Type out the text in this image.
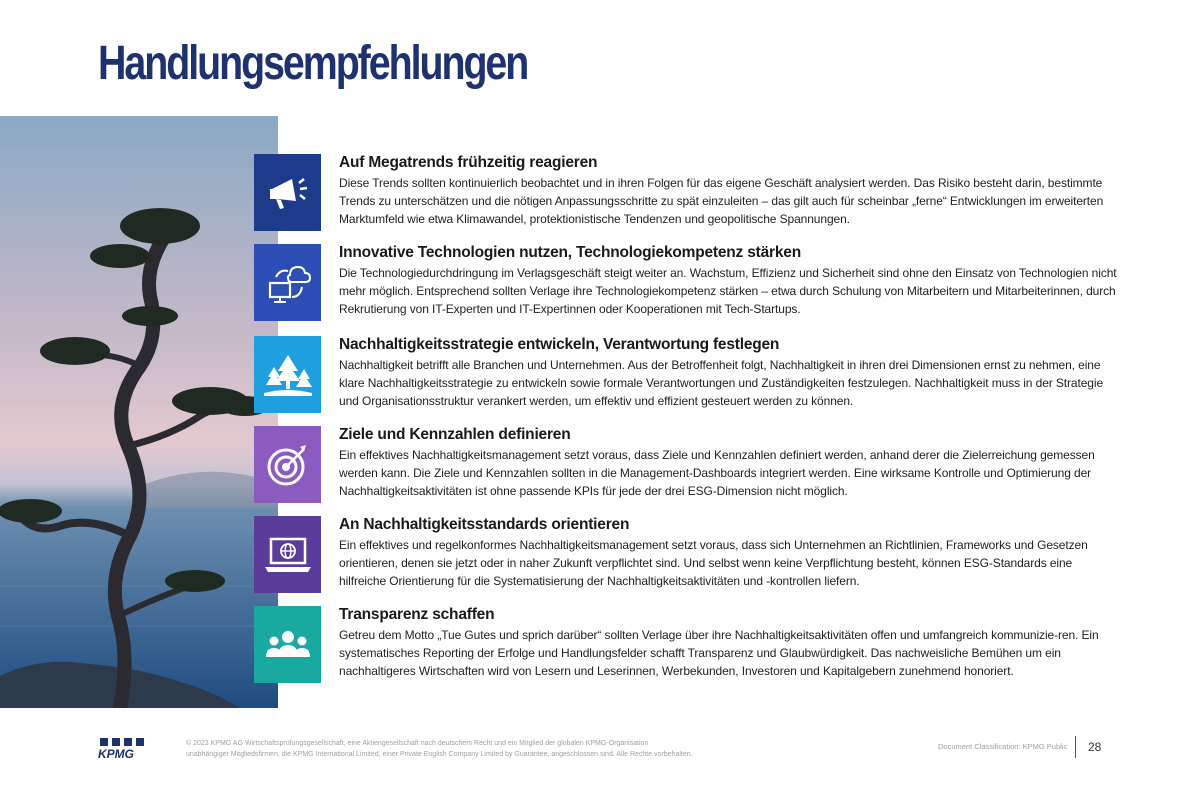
Handlungsempfehlungen
Auf Megatrends frühzeitig reagieren

Diese Trends sollten kontinuierlich beobachtet und in ihren Folgen für das eigene Geschäft analysiert werden. Das Risiko besteht darin, bestimmte Trends zu unterschätzen und die nötigen Anpassungsschritte zu spät einzuleiten – das gilt auch für scheinbar „ferne“ Entwicklungen im erweiterten Marktumfeld wie etwa Klimawandel, protektionistische Tendenzen und geopolitische Spannungen.

Innovative Technologien nutzen, Technologiekompetenz stärken

Die Technologiedurchdringung im Verlagsgeschäft steigt weiter an. Wachstum, Effizienz und Sicherheit sind ohne den Einsatz von Technologien nicht mehr möglich. Entsprechend sollten Verlage ihre Technologiekompetenz stärken – etwa durch Schulung von Mitarbeitern und Mitarbeiterinnen, durch Rekrutierung von IT-Experten und IT-Expertinnen oder Kooperationen mit Tech-Startups.

Nachhaltigkeitsstrategie entwickeln, Verantwortung festlegen

Nachhaltigkeit betrifft alle Branchen und Unternehmen. Aus der Betroffenheit folgt, Nachhaltigkeit in ihren drei Dimensionen ernst zu nehmen, eine klare Nachhaltigkeitsstrategie zu entwickeln sowie formale Verantwortungen und Zuständigkeiten festzulegen. Nachhaltigkeit muss in der Strategie und Organisationsstruktur verankert werden, um effektiv und effizient gesteuert werden zu können.

Ziele und Kennzahlen definieren

Ein effektives Nachhaltigkeitsmanagement setzt voraus, dass Ziele und Kennzahlen definiert werden, anhand derer die Zielerreichung gemessen werden kann. Die Ziele und Kennzahlen sollten in die Management-Dashboards integriert werden. Eine wirksame Kontrolle und Optimierung der Nachhaltigkeitsaktivitäten ist ohne passende KPIs für jede der drei ESG-Dimension nicht möglich.

An Nachhaltigkeitsstandards orientieren

Ein effektives und regelkonformes Nachhaltigkeitsmanagement setzt voraus, dass sich Unternehmen an Richtlinien, Frameworks und Gesetzen orientieren, denen sie jetzt oder in naher Zukunft verpflichtet sind. Und selbst wenn keine Verpflichtung besteht, können ESG-Standards eine hilfreiche Orientierung für die Systematisierung der Nachhaltigkeitsaktivitäten und -kontrollen liefern.

Transparenz schaffen

Getreu dem Motto „Tue Gutes und sprich darüber“ sollten Verlage über ihre Nachhaltigkeitsaktivitäten offen und umfangreich kommunizie-ren. Ein systematisches Reporting der Erfolge und Handlungsfelder schafft Transparenz und Glaubwürdigkeit. Das nachweisliche Bemühen um ein nachhaltigeres Wirtschaften wird von Lesern und Leserinnen, Werbekunden, Investoren und Kapitalgebern zunehmend honoriert.

KPMG
© 2023 KPMG AG Wirtschaftsprüfungsgesellschaft, eine Aktiengesellschaft nach deutschem Recht und ein Mitglied der globalen KPMG-Organisation
unabhängiger Mitgliedsfirmen, die KPMG International Limited, einer Private English Company Limited by Guarantee, angeschlossen sind. Alle Rechte vorbehalten.
Document Classification: KPMG Public 28
